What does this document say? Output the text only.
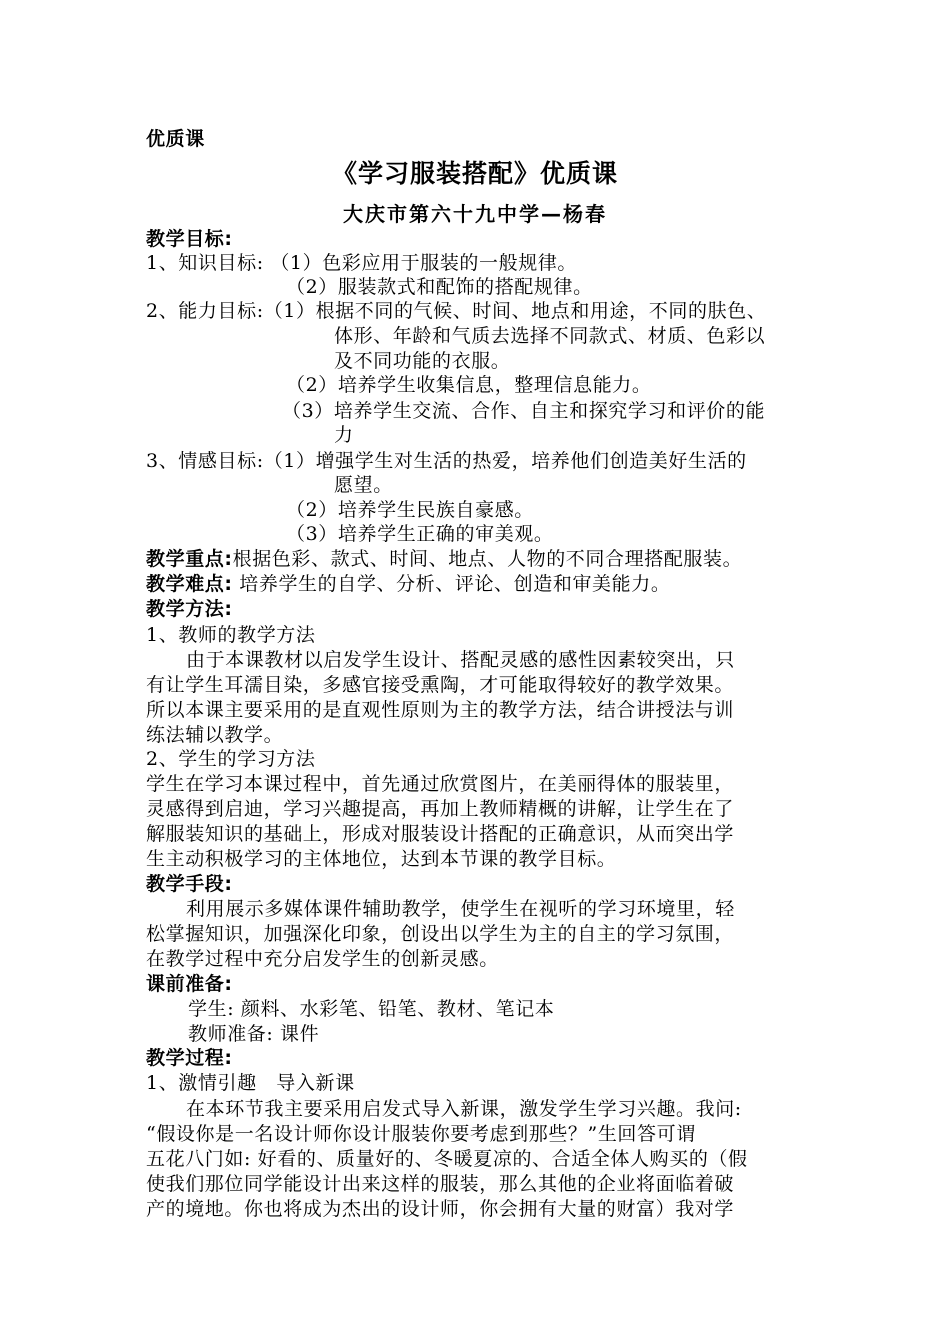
优质课
《学习服装搭配》优质课
大庆市第六十九中学—杨春
教学目标:
1、知识目标: （1）色彩应用于服装的一般规律。
（2）服装款式和配饰的搭配规律。
2、能力目标:（1）根据不同的气候、时间、地点和用途，不同的肤色、
体形、年龄和气质去选择不同款式、材质、色彩以
及不同功能的衣服。
（2）培养学生收集信息，整理信息能力。
（3）培养学生交流、合作、自主和探究学习和评价的能
力
3、情感目标:（1）增强学生对生活的热爱，培养他们创造美好生活的
愿望。
（2）培养学生民族自豪感。
（3）培养学生正确的审美观。
教学重点:根据色彩、款式、时间、地点、人物的不同合理搭配服装。
教学难点: 培养学生的自学、分析、评论、创造和审美能力。
教学方法:
1、教师的教学方法
由于本课教材以启发学生设计、搭配灵感的感性因素较突出，只
有让学生耳濡目染，多感官接受熏陶，才可能取得较好的教学效果。
所以本课主要采用的是直观性原则为主的教学方法，结合讲授法与训
练法辅以教学。
2、学生的学习方法
学生在学习本课过程中，首先通过欣赏图片，在美丽得体的服装里，
灵感得到启迪，学习兴趣提高，再加上教师精概的讲解，让学生在了
解服装知识的基础上，形成对服装设计搭配的正确意识，从而突出学
生主动积极学习的主体地位，达到本节课的教学目标。
教学手段:
利用展示多媒体课件辅助教学，使学生在视听的学习环境里，轻
松掌握知识，加强深化印象，创设出以学生为主的自主的学习氛围，
在教学过程中充分启发学生的创新灵感。
课前准备:
学生: 颜料、水彩笔、铅笔、教材、笔记本
教师准备: 课件
教学过程:
1、激情引趣　导入新课
在本环节我主要采用启发式导入新课，激发学生学习兴趣。我问:
“假设你是一名设计师你设计服装你要考虑到那些？”生回答可谓
五花八门如: 好看的、质量好的、冬暖夏凉的、合适全体人购买的（假
使我们那位同学能设计出来这样的服装，那么其他的企业将面临着破
产的境地。你也将成为杰出的设计师，你会拥有大量的财富）我对学
